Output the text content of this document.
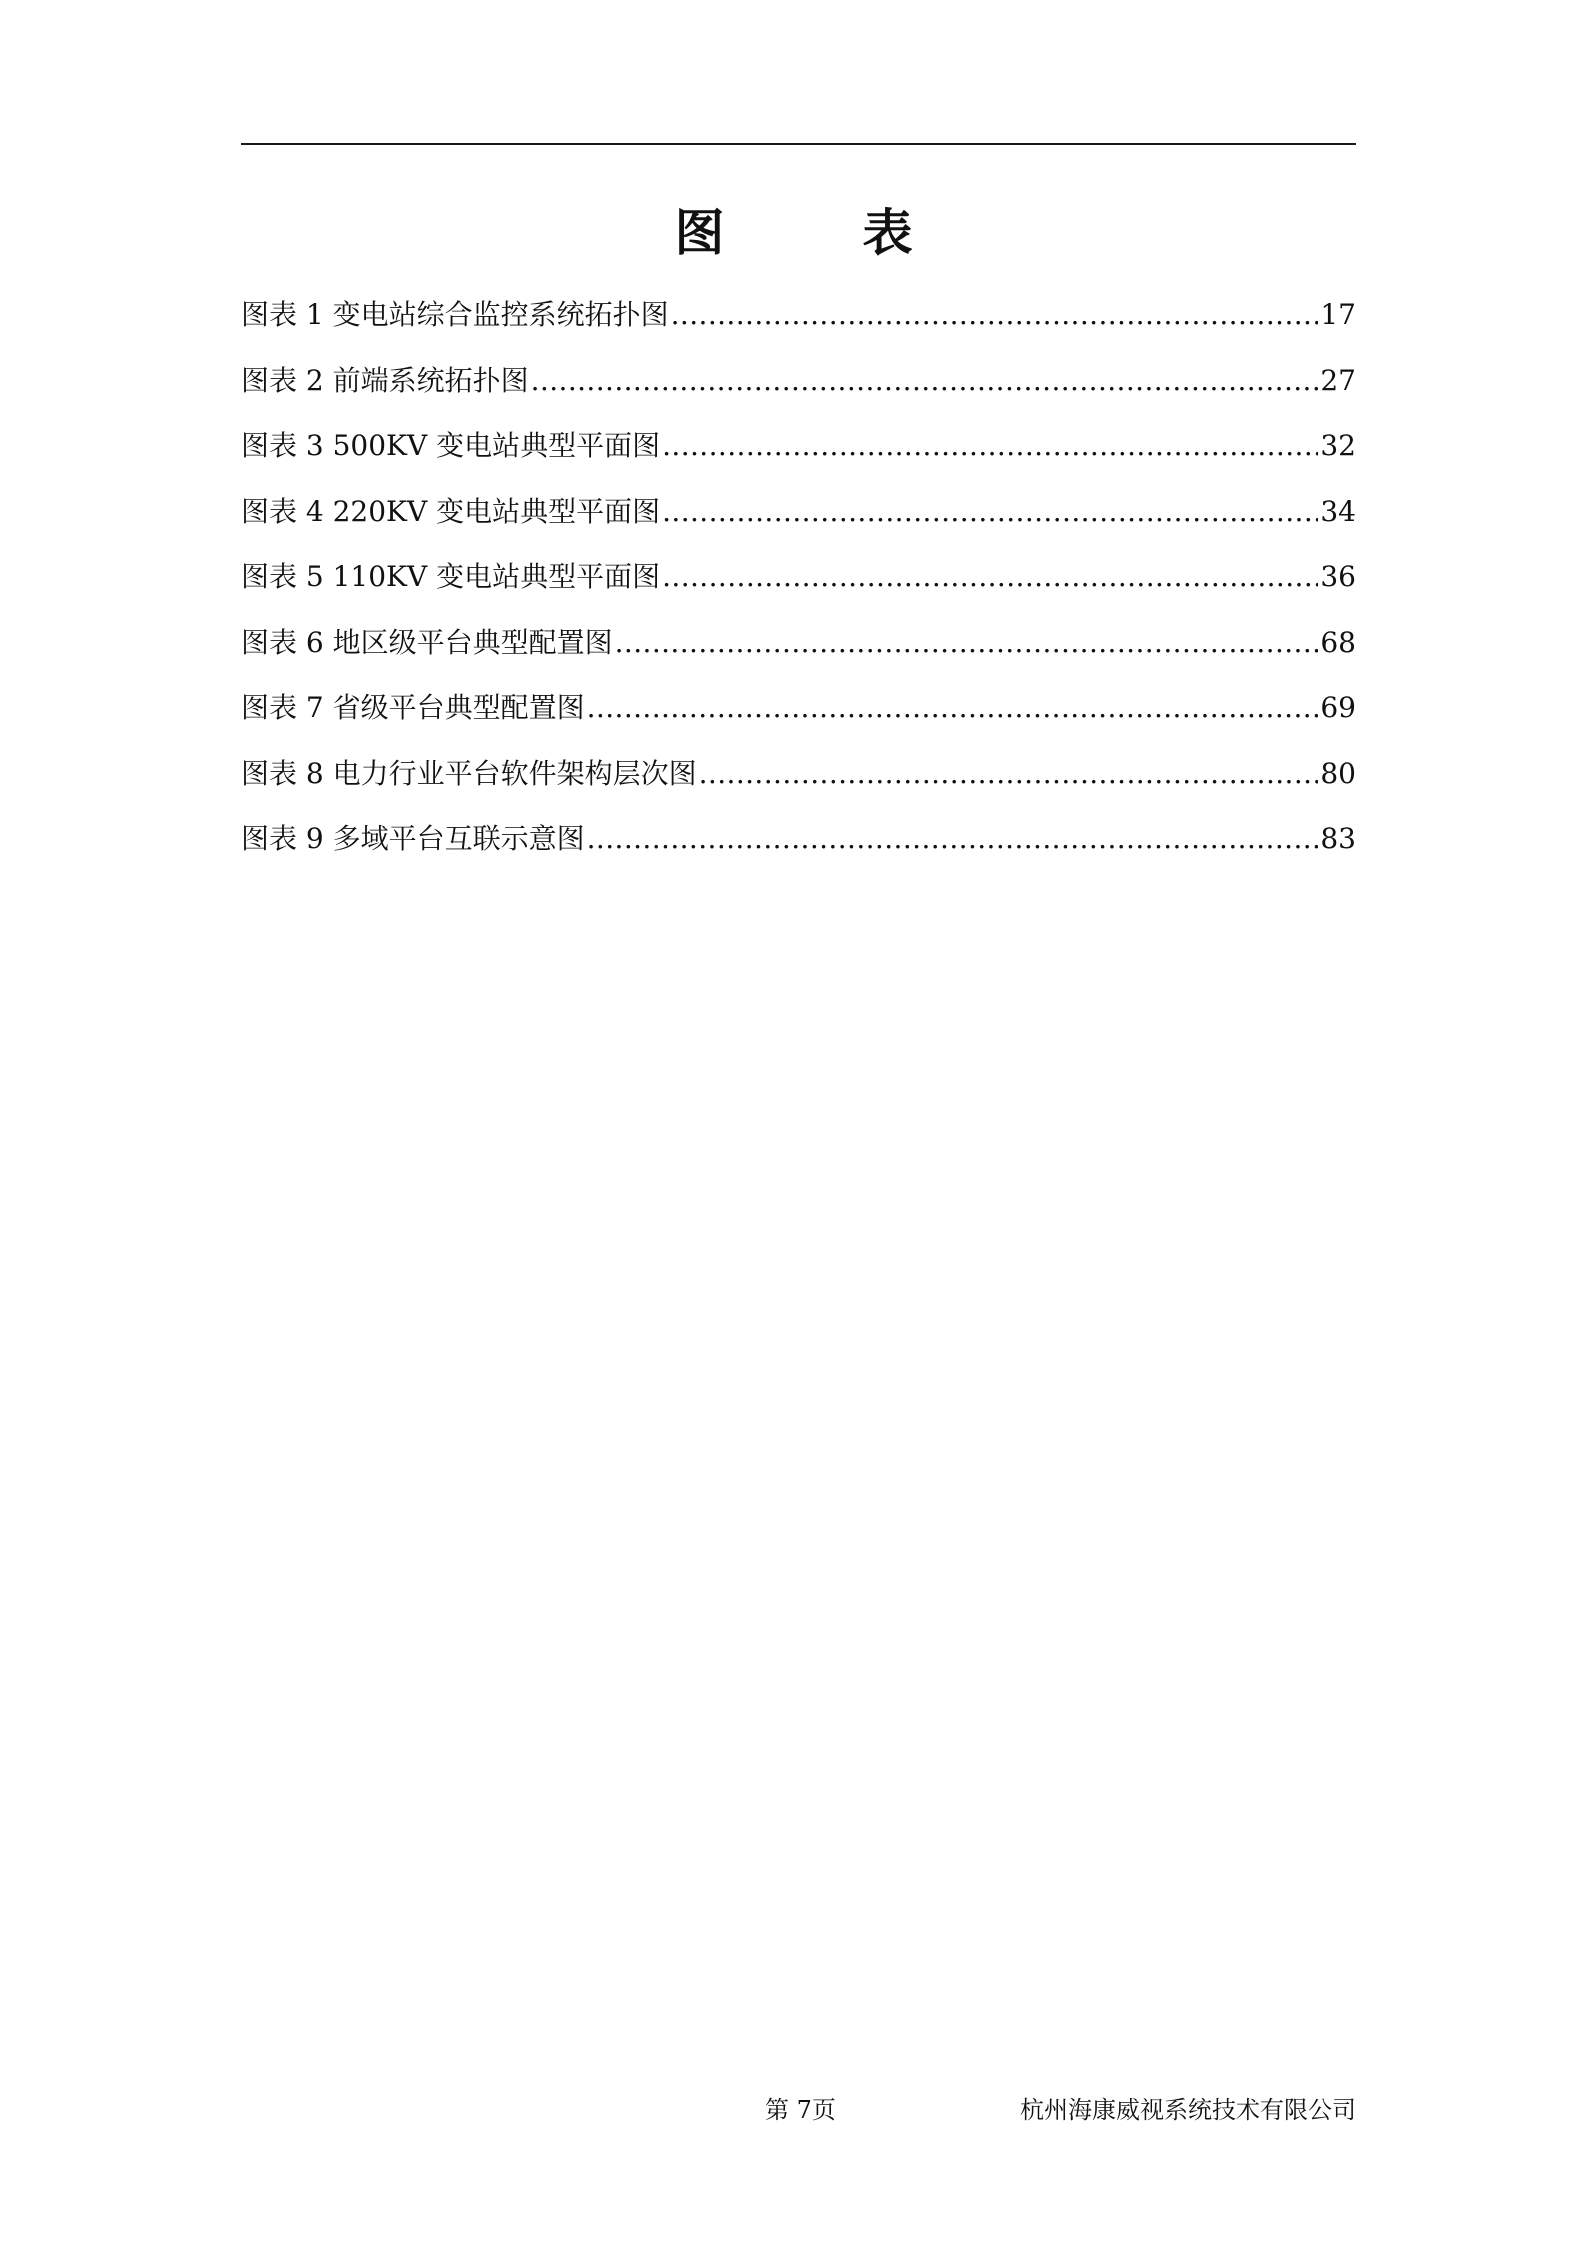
图　表
图表 1 变电站综合监控系统拓扑图 .....	17
图表 2 前端系统拓扑图 .....	27
图表 3 500KV 变电站典型平面图 .....	32
图表 4 220KV 变电站典型平面图 .....	34
图表 5 110KV 变电站典型平面图 .....	36
图表 6 地区级平台典型配置图 .....	68
图表 7 省级平台典型配置图 .....	69
图表 8 电力行业平台软件架构层次图 .....	80
图表 9 多域平台互联示意图 .....	83
第 7页	杭州海康威视系统技术有限公司
